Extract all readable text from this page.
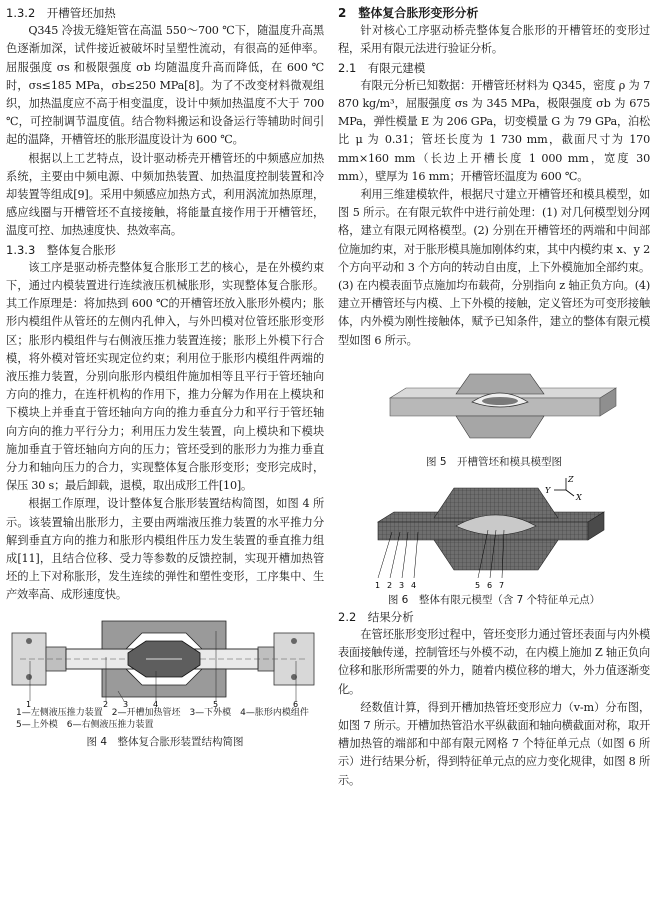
1.3.2　开槽管坯加热

Q345 冷拔无缝矩管在高温 550～700 ℃下，随温度升高黑色逐渐加深，试件接近被破坏时呈塑性流动，有很高的延伸率。屈服强度 σs 和极限强度 σb 均随温度升高而降低，在 600 ℃时，σs≤185 MPa，σb≤250 MPa[8]。为了不改变材料微观组织，加热温度应不高于相变温度，设计中频加热温度不大于 700 ℃，可控制调节温度值。结合物料搬运和设备运行等辅助时间引起的温降，开槽管坯的胀形温度设计为 600 ℃。

根据以上工艺特点，设计驱动桥壳开槽管坯的中频感应加热系统，主要由中频电源、中频加热装置、加热温度控制装置和冷却装置等组成[9]。采用中频感应加热方式，利用涡流加热原理，感应线圈与开槽管坯不直接接触，将能量直接作用于开槽管坯，温度可控、加热速度快、热效率高。

1.3.3　整体复合胀形

该工序是驱动桥壳整体复合胀形工艺的核心，是在外模约束下，通过内模装置进行连续液压机械胀形，实现整体复合胀形。其工作原理是：将加热到 600 ℃的开槽管坯放入胀形外模内；胀形内模组件从管坯的左侧内孔伸入，与外凹模对位管坯胀形变形区；胀形内模组件与右侧液压推力装置连接；胀形上外模下行合模，将外模对管坯实现定位约束；利用位于胀形内模组件两端的液压推力装置，分别向胀形内模组件施加相等且平行于管坯轴向方向的推力，在连杆机构的作用下，推力分解为作用在上模块和下模块上并垂直于管坯轴向方向的推力垂直分力和平行于管坯轴向方向的推力平行分力；利用压力发生装置，向上模块和下模块施加垂直于管坯轴向方向的压力；管坯受到的胀形力为推力垂直分力和轴向压力的合力，实现整体复合胀形变形；变形完成时，保压 30 s；最后卸载，退模，取出成形工件[10]。

根据工作原理，设计整体复合胀形装置结构简图，如图 4 所示。该装置输出胀形力，主要由两端液压推力装置的水平推力分解到垂直方向的推力和胀形内模组件压力发生装置的垂直推力组成[11]，且结合位移、受力等参数的反馈控制，实现开槽加热管坯的上下对称胀形，发生连续的弹性和塑性变形，工序集中、生产效率高、成形速度快。

1	2 3	4	5	6
1—左侧液压推力装置　2—开槽加热管坯　3—下外模　4—胀形内模组件
5—上外模　6—右侧液压推力装置
图 4　整体复合胀形装置结构简图
2　整体复合胀形变形分析

针对核心工序驱动桥壳整体复合胀形的开槽管坯的变形过程，采用有限元法进行验证分析。

2.1　有限元建模

有限元分析已知数据：开槽管坯材料为 Q345，密度 ρ 为 7 870 kg/m³，屈服强度 σs 为 345 MPa，极限强度 σb 为 675 MPa，弹性模量 E 为 206 GPa，切变模量 G 为 79 GPa，泊松比 μ 为 0.31；管坯长度为 1 730 mm，截面尺寸为 170 mm×160 mm（长边上开槽长度 1 000 mm，宽度 30 mm），壁厚为 16 mm；开槽管坯温度为 600 ℃。

利用三维建模软件，根据尺寸建立开槽管坯和模具模型，如图 5 所示。在有限元软件中进行前处理：(1) 对几何模型划分网格，建立有限元网格模型。(2) 分别在开槽管坯的两端和中间部位施加约束，对于胀形模具施加刚体约束，其中内模约束 x、y 2 个方向平动和 3 个方向的转动自由度，上下外模施加全部约束。(3) 在内模表面节点施加均布载荷，分别指向 z 轴正负方向。(4) 建立开槽管坯与内模、上下外模的接触，定义管坯为可变形接触体，内外模为刚性接触体，赋予已知条件，建立的整体有限元模型如图 6 所示。

图 5　开槽管坯和模具模型图
Y
Z
X
1 2 3 4	5 6 7
图 6　整体有限元模型（含 7 个特征单元点）
2.2　结果分析

在管坯胀形变形过程中，管坯变形力通过管坯表面与内外模表面接触传递，控制管坯与外模不动，在内模上施加 Z 轴正负向位移和胀形所需要的外力，随着内模位移的增大，外力值逐渐变化。

经数值计算，得到开槽加热管坯变形应力（v-m）分布图，如图 7 所示。开槽加热管沿水平纵截面和轴向横截面对称，取开槽加热管的端部和中部有限元网格 7 个特征单元点（如图 6 所示）进行结果分析，得到特征单元点的应力变化规律，如图 8 所示。
